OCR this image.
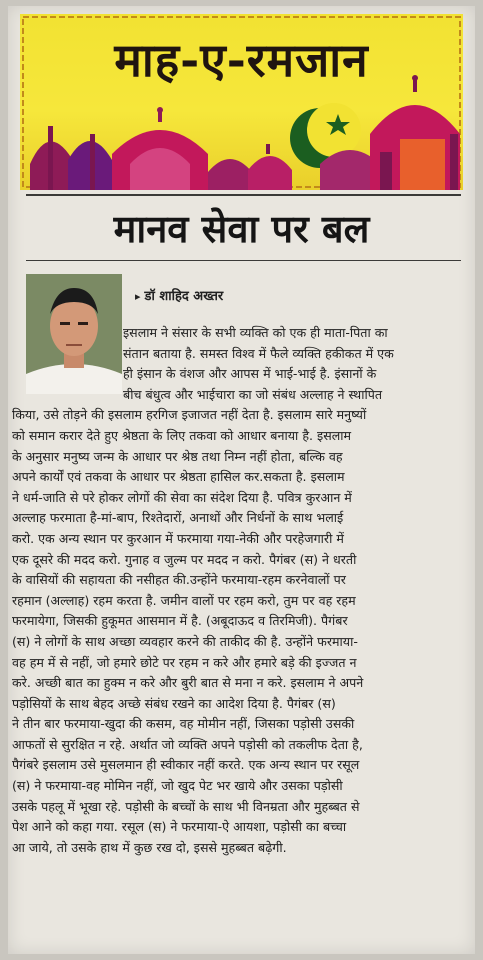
माह-ए-रमजान
मानव सेवा पर बल
▸ डॉ शाहिद अख्तर
इसलाम ने संसार के सभी व्यक्ति को एक ही माता-पिता का
संतान बताया है. समस्त विश्व में फैले व्यक्ति हकीकत में एक
ही इंसान के वंशज और आपस में भाई-भाई है. इंसानों के
बीच बंधुत्व और भाईचारा का जो संबंध अल्लाह ने स्थापित
किया, उसे तोड़ने की इसलाम हरगिज इजाजत नहीं देता है. इसलाम सारे मनुष्यों
को समान करार देते हुए श्रेष्ठता के लिए तकवा को आधार बनाया है. इसलाम
के अनुसार मनुष्य जन्म के आधार पर श्रेष्ठ तथा निम्न नहीं होता, बल्कि वह
अपने कार्यों एवं तकवा के आधार पर श्रेष्ठता हासिल कर.सकता है. इसलाम
ने धर्म-जाति से परे होकर लोगों की सेवा का संदेश दिया है. पवित्र कुरआन में
अल्लाह फरमाता है-मां-बाप, रिश्तेदारों, अनाथों और निर्धनों के साथ भलाई
करो. एक अन्य स्थान पर कुरआन में फरमाया गया-नेकी और परहेजगारी में
एक दूसरे की मदद करो. गुनाह व जुल्म पर मदद न करो. पैगंबर (स) ने धरती
के वासियों की सहायता की नसीहत की.उन्होंने फरमाया-रहम करनेवालों पर
रहमान (अल्लाह) रहम करता है. जमीन वालों पर रहम करो, तुम पर वह रहम
फरमायेगा, जिसकी हुकूमत आसमान में है. (अबूदाऊद व तिरमिजी). पैगंबर
(स) ने लोगों के साथ अच्छा व्यवहार करने की ताकीद की है. उन्होंने फरमाया-
वह हम में से नहीं, जो हमारे छोटे पर रहम न करे और हमारे बड़े की इज्जत न
करे. अच्छी बात का हुक्म न करे और बुरी बात से मना न करे. इसलाम ने अपने
पड़ोसियों के साथ बेहद अच्छे संबंध रखने का आदेश दिया है. पैगंबर (स)
ने तीन बार फरमाया-खुदा की कसम, वह मोमीन नहीं, जिसका पड़ोसी उसकी
आफतों से सुरक्षित न रहे. अर्थात जो व्यक्ति अपने पड़ोसी को तकलीफ देता है,
पैगंबरे इसलाम उसे मुसलमान ही स्वीकार नहीं करते. एक अन्य स्थान पर रसूल
(स) ने फरमाया-वह मोमिन नहीं, जो खुद पेट भर खाये और उसका पड़ोसी
उसके पहलू में भूखा रहे. पड़ोसी के बच्चों के साथ भी विनम्रता और मुहब्बत से
पेश आने को कहा गया. रसूल (स) ने फरमाया-ऐ आयशा, पड़ोसी का बच्चा
आ जाये, तो उसके हाथ में कुछ रख दो, इससे मुहब्बत बढ़ेगी.
